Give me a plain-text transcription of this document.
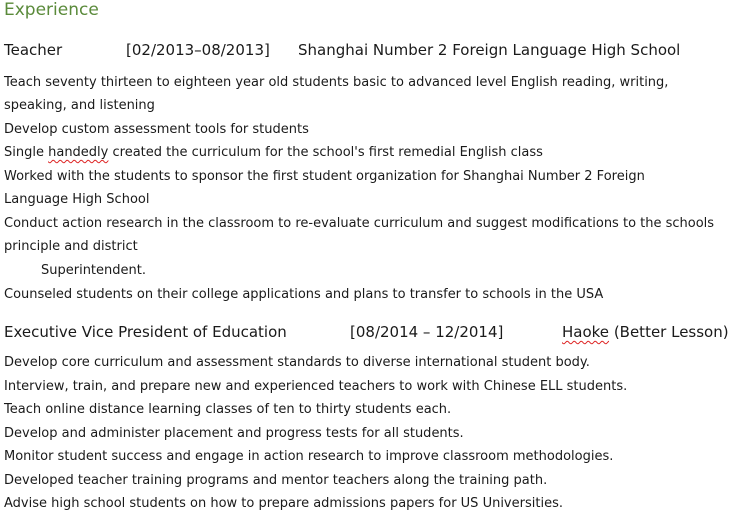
Experience
Teacher	[02/2013–08/2013] Shanghai Number 2 Foreign Language High School
Teach seventy thirteen to eighteen year old students basic to advanced level English reading, writing,
speaking, and listening
Develop custom assessment tools for students
Single handedly created the curriculum for the school's first remedial English class
Worked with the students to sponsor the first student organization for Shanghai Number 2 Foreign
Language High School
Conduct action research in the classroom to re-evaluate curriculum and suggest modifications to the schools
principle and district
Superintendent.
Counseled students on their college applications and plans to transfer to schools in the USA
Executive Vice President of Education	[08/2014 – 12/2014]	Haoke (Better Lesson)
Develop core curriculum and assessment standards to diverse international student body.
Interview, train, and prepare new and experienced teachers to work with Chinese ELL students.
Teach online distance learning classes of ten to thirty students each.
Develop and administer placement and progress tests for all students.
Monitor student success and engage in action research to improve classroom methodologies.
Developed teacher training programs and mentor teachers along the training path.
Advise high school students on how to prepare admissions papers for US Universities.
